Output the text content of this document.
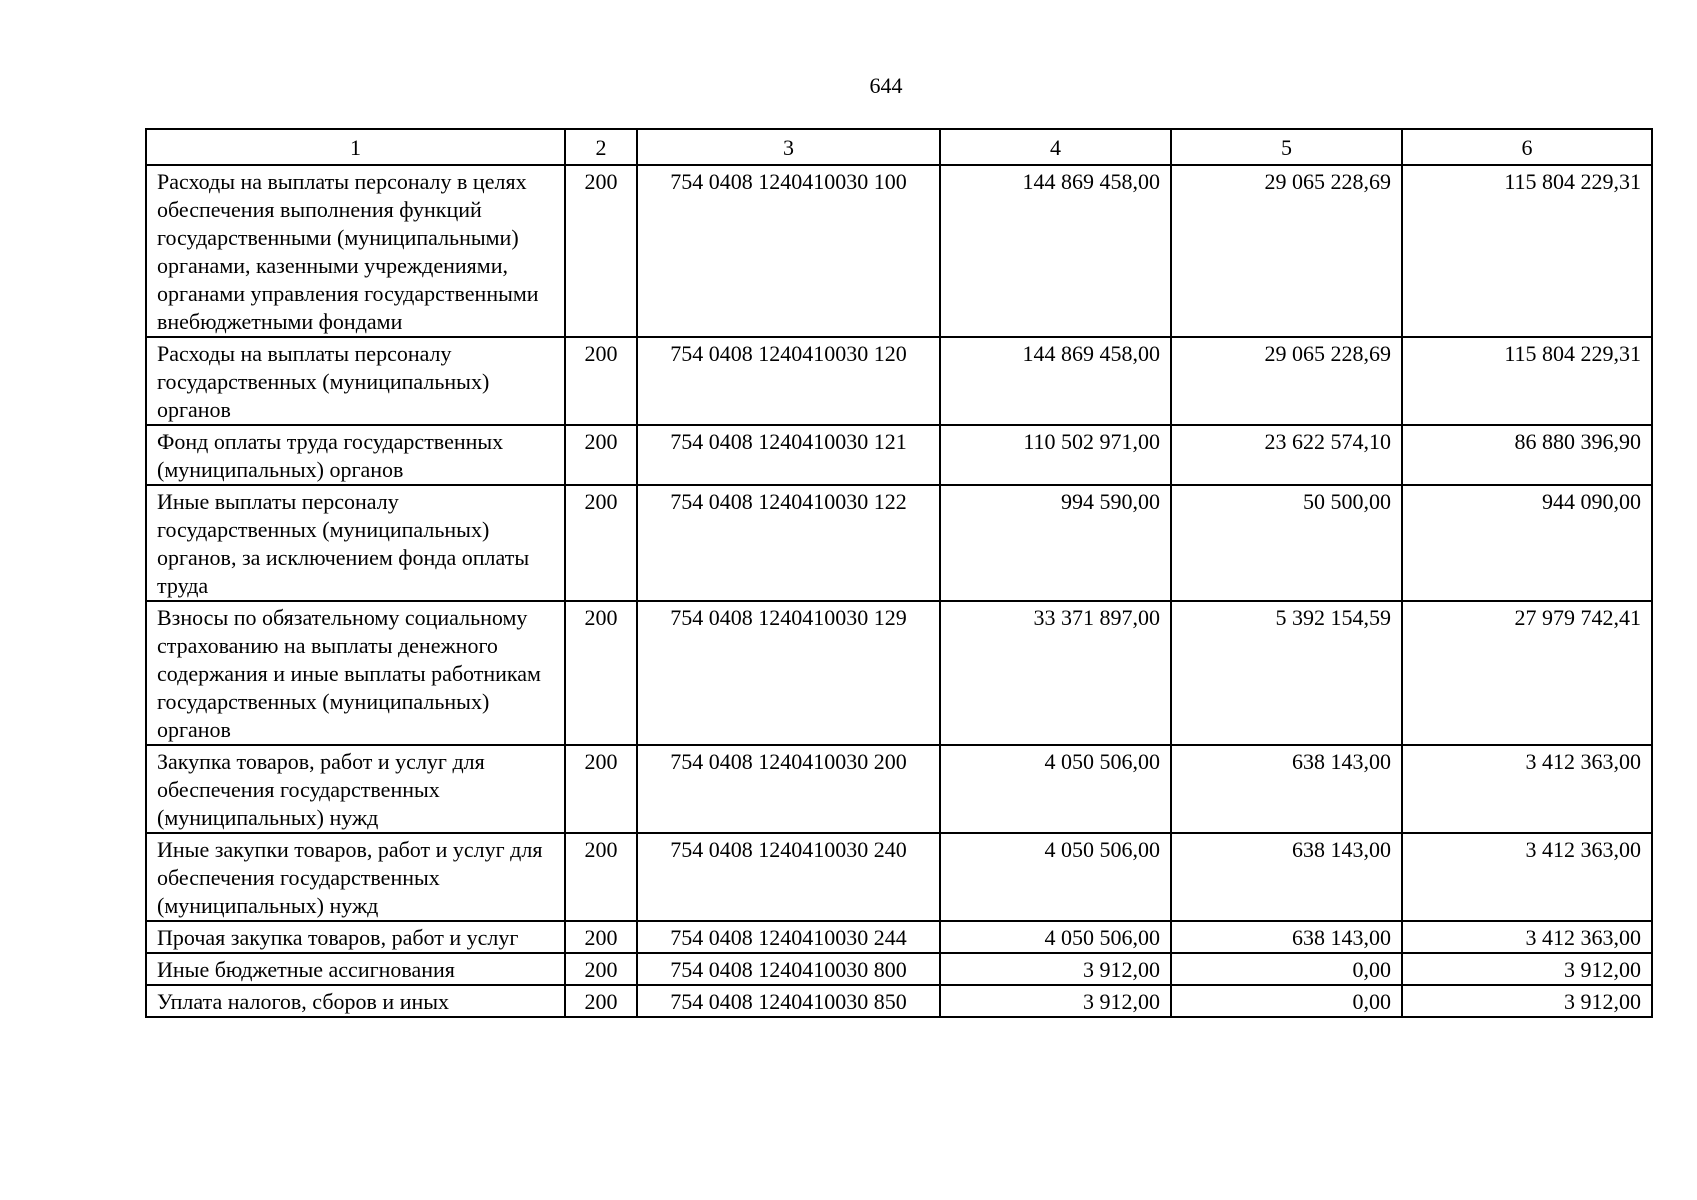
644
1	2	3	4	5	6
Расходы на выплаты персоналу в целях обеспечения выполнения функций государственными (муниципальными) органами, казенными учреждениями, органами управления государственными внебюджетными фондами	200	754 0408 1240410030 100	144 869 458,00	29 065 228,69	115 804 229,31
Расходы на выплаты персоналу государственных (муниципальных) органов	200	754 0408 1240410030 120	144 869 458,00	29 065 228,69	115 804 229,31
Фонд оплаты труда государственных (муниципальных) органов	200	754 0408 1240410030 121	110 502 971,00	23 622 574,10	86 880 396,90
Иные выплаты персоналу государственных (муниципальных) органов, за исключением фонда оплаты труда	200	754 0408 1240410030 122	994 590,00	50 500,00	944 090,00
Взносы по обязательному социальному страхованию на выплаты денежного содержания и иные выплаты работникам государственных (муниципальных) органов	200	754 0408 1240410030 129	33 371 897,00	5 392 154,59	27 979 742,41
Закупка товаров, работ и услуг для обеспечения государственных (муниципальных) нужд	200	754 0408 1240410030 200	4 050 506,00	638 143,00	3 412 363,00
Иные закупки товаров, работ и услуг для обеспечения государственных (муниципальных) нужд	200	754 0408 1240410030 240	4 050 506,00	638 143,00	3 412 363,00
Прочая закупка товаров, работ и услуг	200	754 0408 1240410030 244	4 050 506,00	638 143,00	3 412 363,00
Иные бюджетные ассигнования	200	754 0408 1240410030 800	3 912,00	0,00	3 912,00
Уплата налогов, сборов и иных	200	754 0408 1240410030 850	3 912,00	0,00	3 912,00
